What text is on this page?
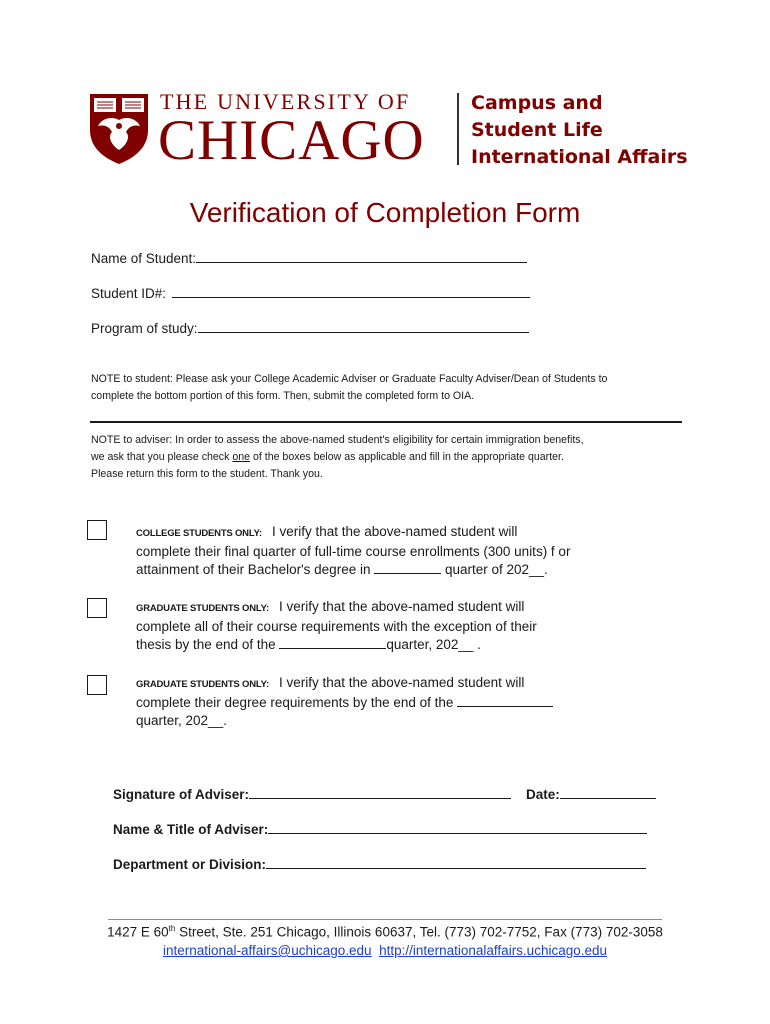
THE UNIVERSITY OF
CHICAGO
Campus and
Student Life
International Affairs
Verification of Completion Form
Name of Student:
Student ID#:
Program of study:
NOTE to student: Please ask your College Academic Adviser or Graduate Faculty Adviser/Dean of Students to complete the bottom portion of this form. Then, submit the completed form to OIA.
NOTE to adviser: In order to assess the above-named student's eligibility for certain immigration benefits,
we ask that you please check one of the boxes below as applicable and fill in the appropriate quarter.
Please return this form to the student. Thank you.
COLLEGE STUDENTS ONLY: I verify that the above-named student will
complete their final quarter of full-time course enrollments (300 units) f or
attainment of their Bachelor's degree in	quarter of 202__.
GRADUATE STUDENTS ONLY: I verify that the above-named student will
complete all of their course requirements with the exception of their
thesis by the end of the	quarter, 202__ .
GRADUATE STUDENTS ONLY: I verify that the above-named student will
complete their degree requirements by the end of the
quarter, 202__.
Signature of Adviser:	Date:
Name & Title of Adviser:
Department or Division:
1427 E 60th Street, Ste. 251 Chicago, Illinois 60637, Tel. (773) 702-7752, Fax (773) 702-3058
international-affairs@uchicago.edu http://internationalaffairs.uchicago.edu
